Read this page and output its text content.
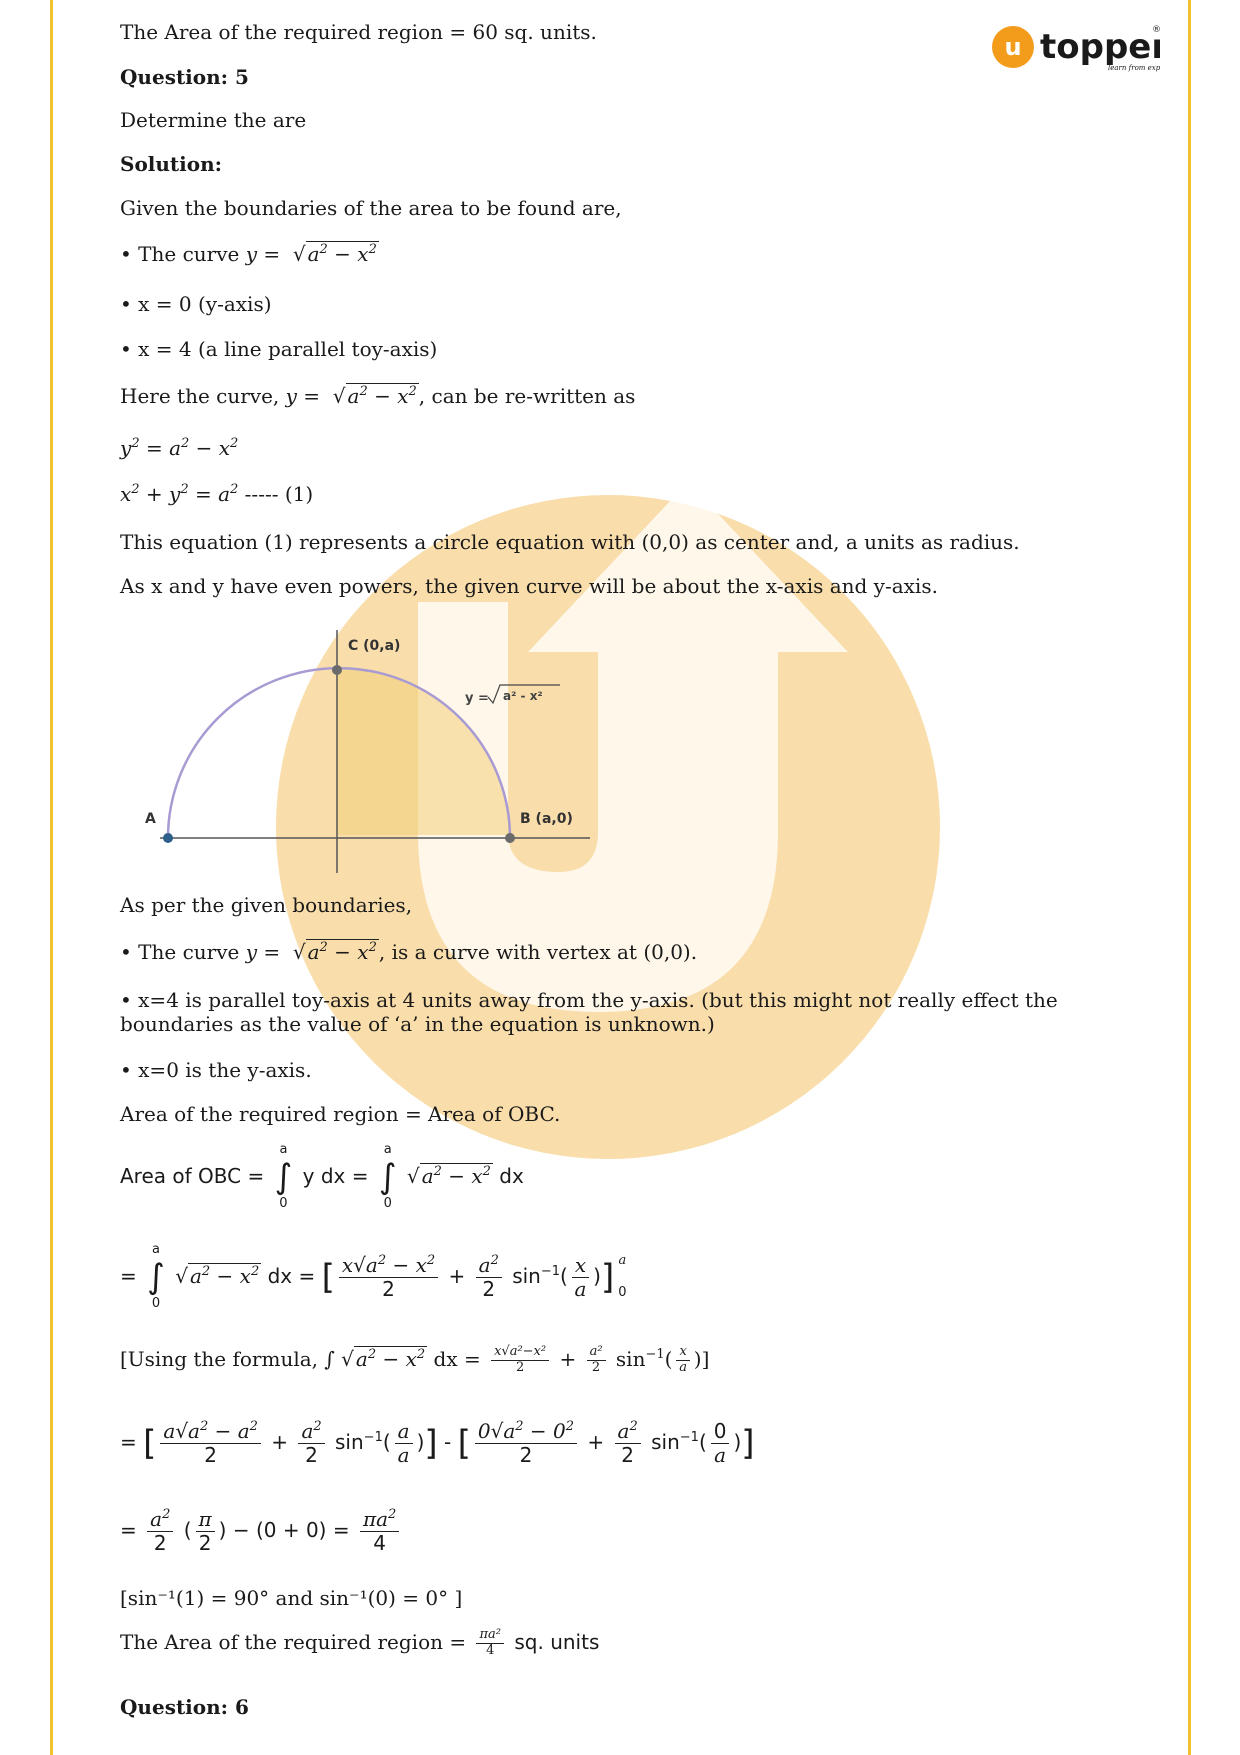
u topper
®
learn from exp
The Area of the required region = 60 sq. units.
Question: 5
Determine the are
Solution:
Given the boundaries of the area to be found are,
• The curve y =  √ $a^2 - x^2$
• x = 0 (y-axis)
• x = 4 (a line parallel toy-axis)
Here the curve, y =  √ $a^2 - x^2$ , can be re-written as
$y^2 = a^2 - x^2$
$x^2 + y^2 = a^2$ ----- (1)
This equation (1) represents a circle equation with (0,0) as center and, a units as radius.
As x and y have even powers, the given curve will be about the x-axis and y-axis.
C (0,a)
B (a,0)
A
y = a² - x²
As per the given boundaries,
• The curve y =  √ $a^2 - x^2$ , is a curve with vertex at (0,0).
• x=4 is parallel toy-axis at 4 units away from the y-axis. (but this might not really effect the
boundaries as the value of ‘a’ in the equation is unknown.)
• x=0 is the y-axis.
Area of the required region = Area of OBC.
Area of OBC =
a
∫
0
y dx =
a
∫
0
√ $a^2 - x^2$ dx
=
a
∫
0
√ $a^2 - x^2$ dx = [ $\frac{x√a^2 - x^2}{2} + \frac{a^2}{2} \sin^{-1}( \frac{x}{a}$ )] a
0
[Using the formula, ∫ √ $a^2 - x^2$ dx = $\frac{\text{x√a²−x²}}{2} + \frac{\text{a²}}{2} \sin^{-1}( \frac{x}{a}$ )]
= [ $\frac{a√a^2 - a^2}{2} + \frac{a^2}{2} \sin^{-1}( \frac{a}{a}$ )] - [ $\frac{0√a^2 - 0^2}{2} + \frac{a^2}{2} \sin^{-1}( \frac{0}{a}$ )]
= $\frac{a^2}{2}$ ( $\frac{\pi}{2}$ ) − $(0 + 0) = \frac{\pi a^2}{4}$
[sin⁻¹(1) = 90° and sin⁻¹(0) = 0° ]
The Area of the required region = $\frac{\text{πa²}}{4}$ sq. units
Question: 6
